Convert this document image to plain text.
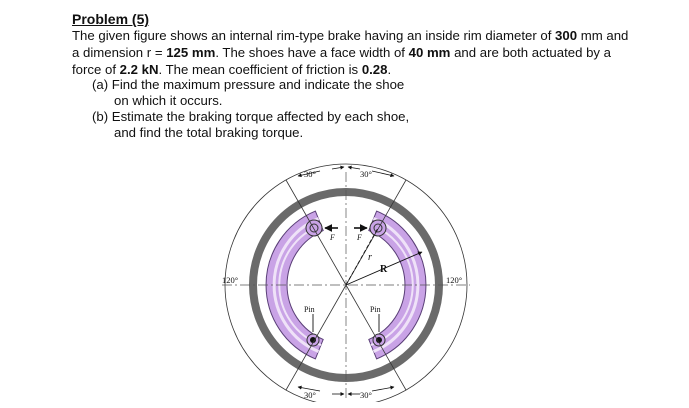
Problem (5)

The given figure shows an internal rim-type brake having an inside rim diameter of 300 mm and a dimension r = 125 mm. The shoes have a face width of 40 mm and are both actuated by a force of 2.2 kN. The mean coefficient of friction is 0.28.

(a) Find the maximum pressure and indicate the shoe
on which it occurs.

(b) Estimate the braking torque affected by each shoe,
and find the total braking torque.

30°	30°
30°	30°
120°	120°
F	F
R
r
Pin	Pin
